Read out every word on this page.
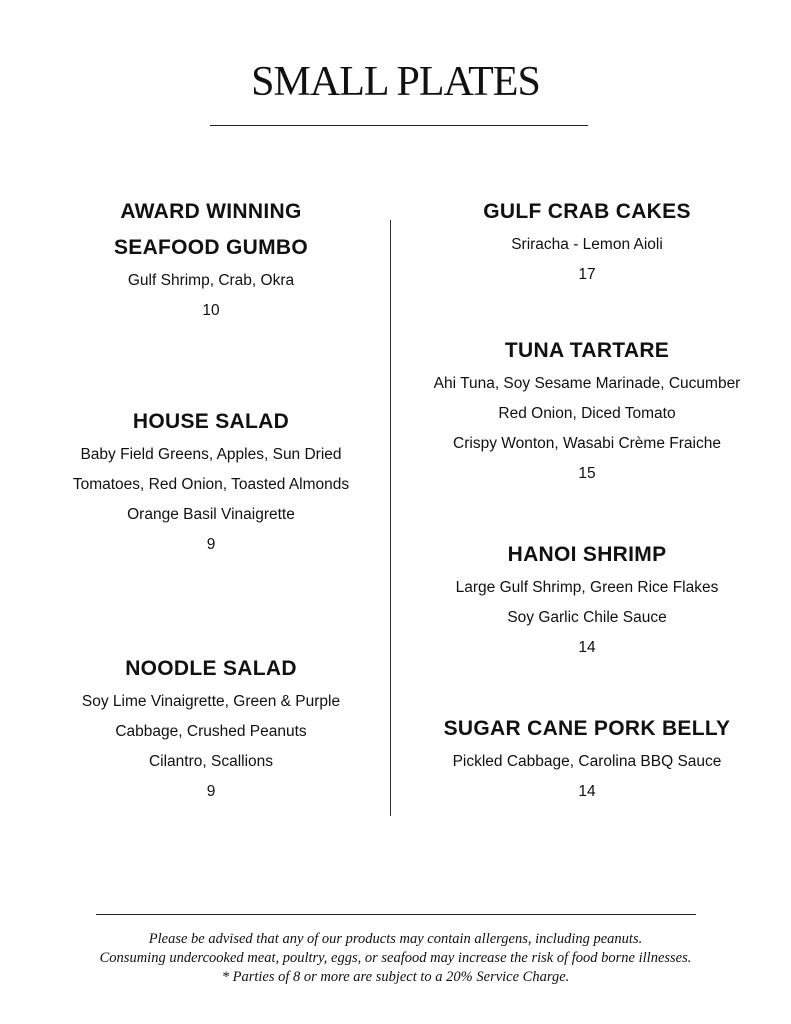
SMALL PLATES
AWARD WINNING
SEAFOOD GUMBO
Gulf Shrimp, Crab, Okra
10
HOUSE SALAD
Baby Field Greens, Apples, Sun Dried
Tomatoes, Red Onion, Toasted Almonds
Orange Basil Vinaigrette
9
NOODLE SALAD
Soy Lime Vinaigrette, Green & Purple
Cabbage, Crushed Peanuts
Cilantro, Scallions
9
GULF CRAB CAKES
Sriracha - Lemon Aioli
17
TUNA TARTARE
Ahi Tuna, Soy Sesame Marinade, Cucumber
Red Onion, Diced Tomato
Crispy Wonton, Wasabi Crème Fraiche
15
HANOI SHRIMP
Large Gulf Shrimp, Green Rice Flakes
Soy Garlic Chile Sauce
14
SUGAR CANE PORK BELLY
Pickled Cabbage, Carolina BBQ Sauce
14
Please be advised that any of our products may contain allergens, including peanuts.
Consuming undercooked meat, poultry, eggs, or seafood may increase the risk of food borne illnesses.
* Parties of 8 or more are subject to a 20% Service Charge.
